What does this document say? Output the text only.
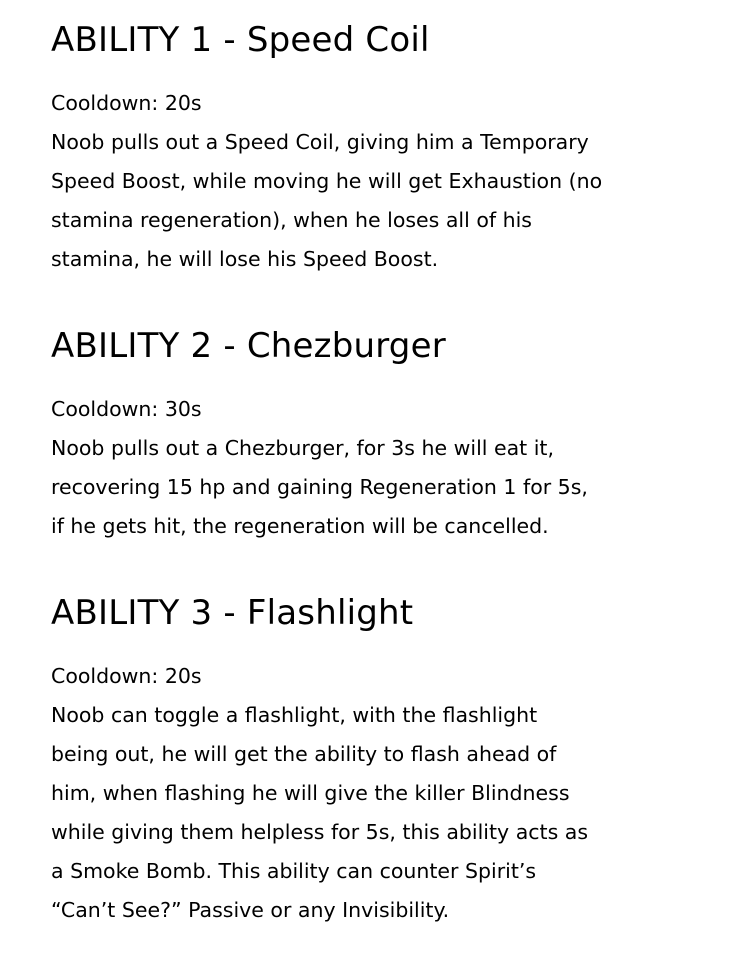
ABILITY 1 - Speed Coil
Cooldown: 20s

Noob pulls out a Speed Coil, giving him a Temporary
Speed Boost, while moving he will get Exhaustion (no
stamina regeneration), when he loses all of his
stamina, he will lose his Speed Boost.

ABILITY 2 - Chezburger
Cooldown: 30s

Noob pulls out a Chezburger, for 3s he will eat it,
recovering 15 hp and gaining Regeneration 1 for 5s,
if he gets hit, the regeneration will be cancelled.

ABILITY 3 - Flashlight
Cooldown: 20s

Noob can toggle a flashlight, with the flashlight
being out, he will get the ability to flash ahead of
him, when flashing he will give the killer Blindness
while giving them helpless for 5s, this ability acts as
a Smoke Bomb. This ability can counter Spirit’s
“Can’t See?” Passive or any Invisibility.
